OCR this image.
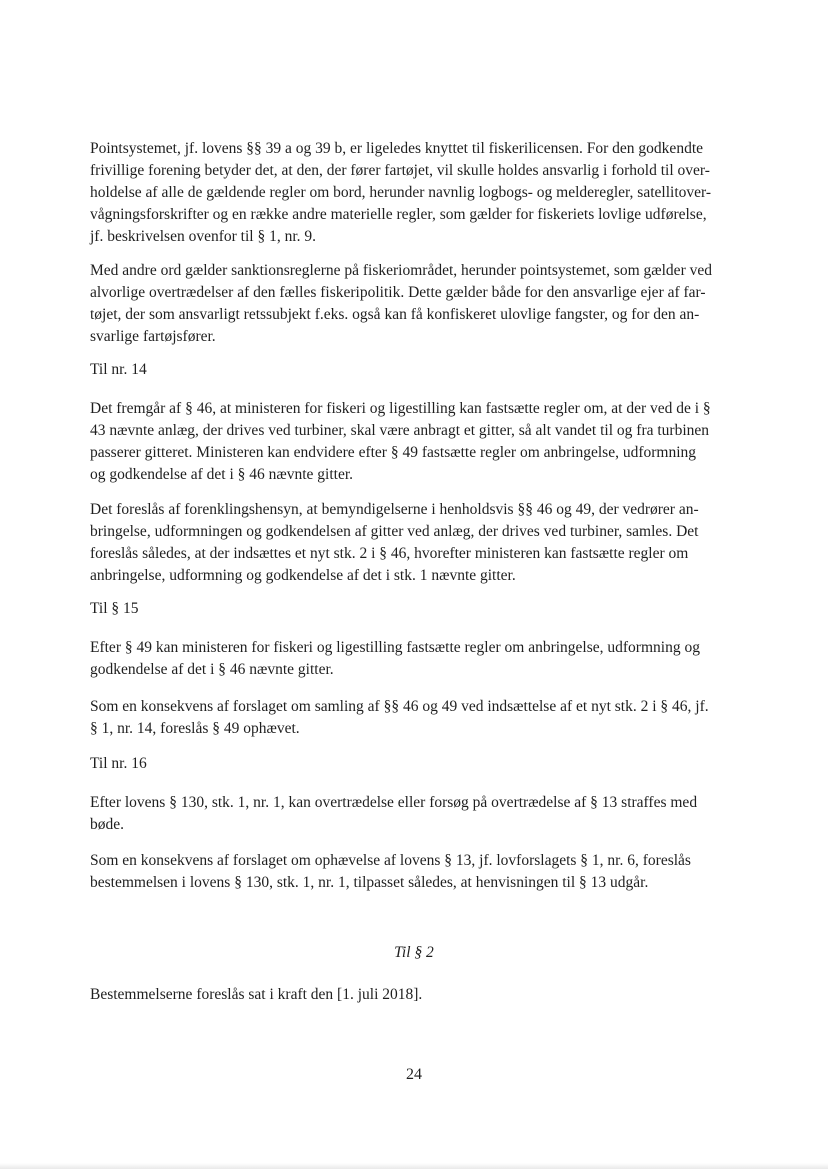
Pointsystemet, jf. lovens §§ 39 a og 39 b, er ligeledes knyttet til fiskerilicensen. For den godkendte
frivillige forening betyder det, at den, der fører fartøjet, vil skulle holdes ansvarlig i forhold til over-
holdelse af alle de gældende regler om bord, herunder navnlig logbogs- og melderegler, satellitover-
vågningsforskrifter og en række andre materielle regler, som gælder for fiskeriets lovlige udførelse,
jf. beskrivelsen ovenfor til § 1, nr. 9.

Med andre ord gælder sanktionsreglerne på fiskeriområdet, herunder pointsystemet, som gælder ved
alvorlige overtrædelser af den fælles fiskeripolitik. Dette gælder både for den ansvarlige ejer af far-
tøjet, der som ansvarligt retssubjekt f.eks. også kan få konfiskeret ulovlige fangster, og for den an-
svarlige fartøjsfører.

Til nr. 14

Det fremgår af § 46, at ministeren for fiskeri og ligestilling kan fastsætte regler om, at der ved de i §
43 nævnte anlæg, der drives ved turbiner, skal være anbragt et gitter, så alt vandet til og fra turbinen
passerer gitteret. Ministeren kan endvidere efter § 49 fastsætte regler om anbringelse, udformning
og godkendelse af det i § 46 nævnte gitter.

Det foreslås af forenklingshensyn, at bemyndigelserne i henholdsvis §§ 46 og 49, der vedrører an-
bringelse, udformningen og godkendelsen af gitter ved anlæg, der drives ved turbiner, samles. Det
foreslås således, at der indsættes et nyt stk. 2 i § 46, hvorefter ministeren kan fastsætte regler om
anbringelse, udformning og godkendelse af det i stk. 1 nævnte gitter.

Til § 15

Efter § 49 kan ministeren for fiskeri og ligestilling fastsætte regler om anbringelse, udformning og
godkendelse af det i § 46 nævnte gitter.

Som en konsekvens af forslaget om samling af §§ 46 og 49 ved indsættelse af et nyt stk. 2 i § 46, jf.
§ 1, nr. 14, foreslås § 49 ophævet.

Til nr. 16

Efter lovens § 130, stk. 1, nr. 1, kan overtrædelse eller forsøg på overtrædelse af § 13 straffes med
bøde.

Som en konsekvens af forslaget om ophævelse af lovens § 13, jf. lovforslagets § 1, nr. 6, foreslås
bestemmelsen i lovens § 130, stk. 1, nr. 1, tilpasset således, at henvisningen til § 13 udgår.

Til § 2

Bestemmelserne foreslås sat i kraft den [1. juli 2018].

24
